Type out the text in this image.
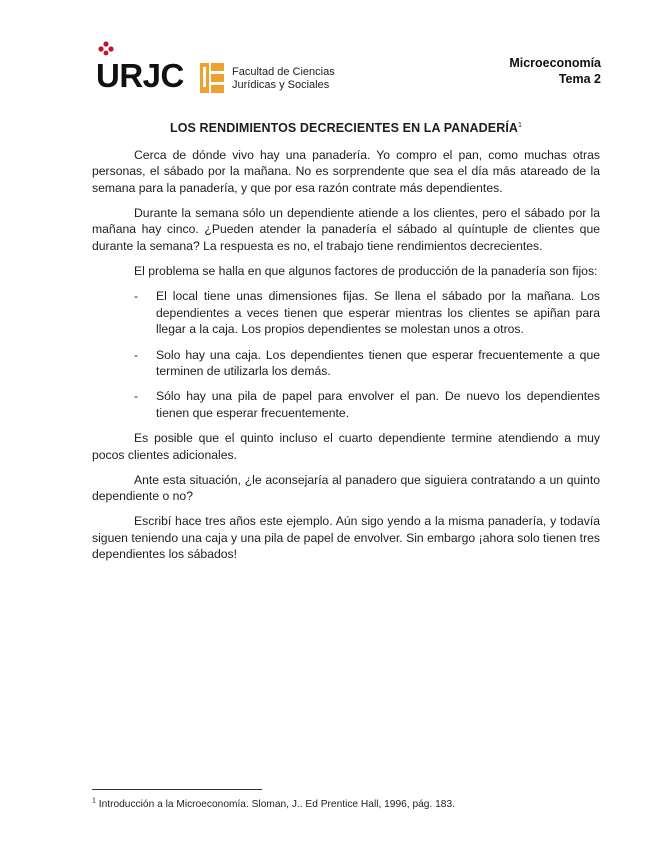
URJC	Facultad de Ciencias
Jurídicas y Sociales
Microeconomía
Tema 2
LOS RENDIMIENTOS DECRECIENTES EN LA PANADERÍA$^1$

Cerca de dónde vivo hay una panadería. Yo compro el pan, como muchas otras personas, el sábado por la mañana. No es sorprendente que sea el día más atareado de la semana para la panadería, y que por esa razón contrate más dependientes.

Durante la semana sólo un dependiente atiende a los clientes, pero el sábado por la mañana hay cinco. ¿Pueden atender la panadería el sábado al quíntuple de clientes que durante la semana? La respuesta es no, el trabajo tiene rendimientos decrecientes.

El problema se halla en que algunos factores de producción de la panadería son fijos:

- El local tiene unas dimensiones fijas. Se llena el sábado por la mañana. Los dependientes a veces tienen que esperar mientras los clientes se apiñan para llegar a la caja. Los propios dependientes se molestan unos a otros.
- Solo hay una caja. Los dependientes tienen que esperar frecuentemente a que terminen de utilizarla los demás.
- Sólo hay una pila de papel para envolver el pan. De nuevo los dependientes tienen que esperar frecuentemente.

Es posible que el quinto incluso el cuarto dependiente termine atendiendo a muy pocos clientes adicionales.

Ante esta situación, ¿le aconsejaría al panadero que siguiera contratando a un quinto dependiente o no?

Escribí hace tres años este ejemplo. Aún sigo yendo a la misma panadería, y todavía siguen teniendo una caja y una pila de papel de envolver. Sin embargo ¡ahora solo tienen tres dependientes los sábados!

$^1$ Introducción a la Microeconomía. Sloman, J.. Ed Prentice Hall, 1996, pág. 183.
